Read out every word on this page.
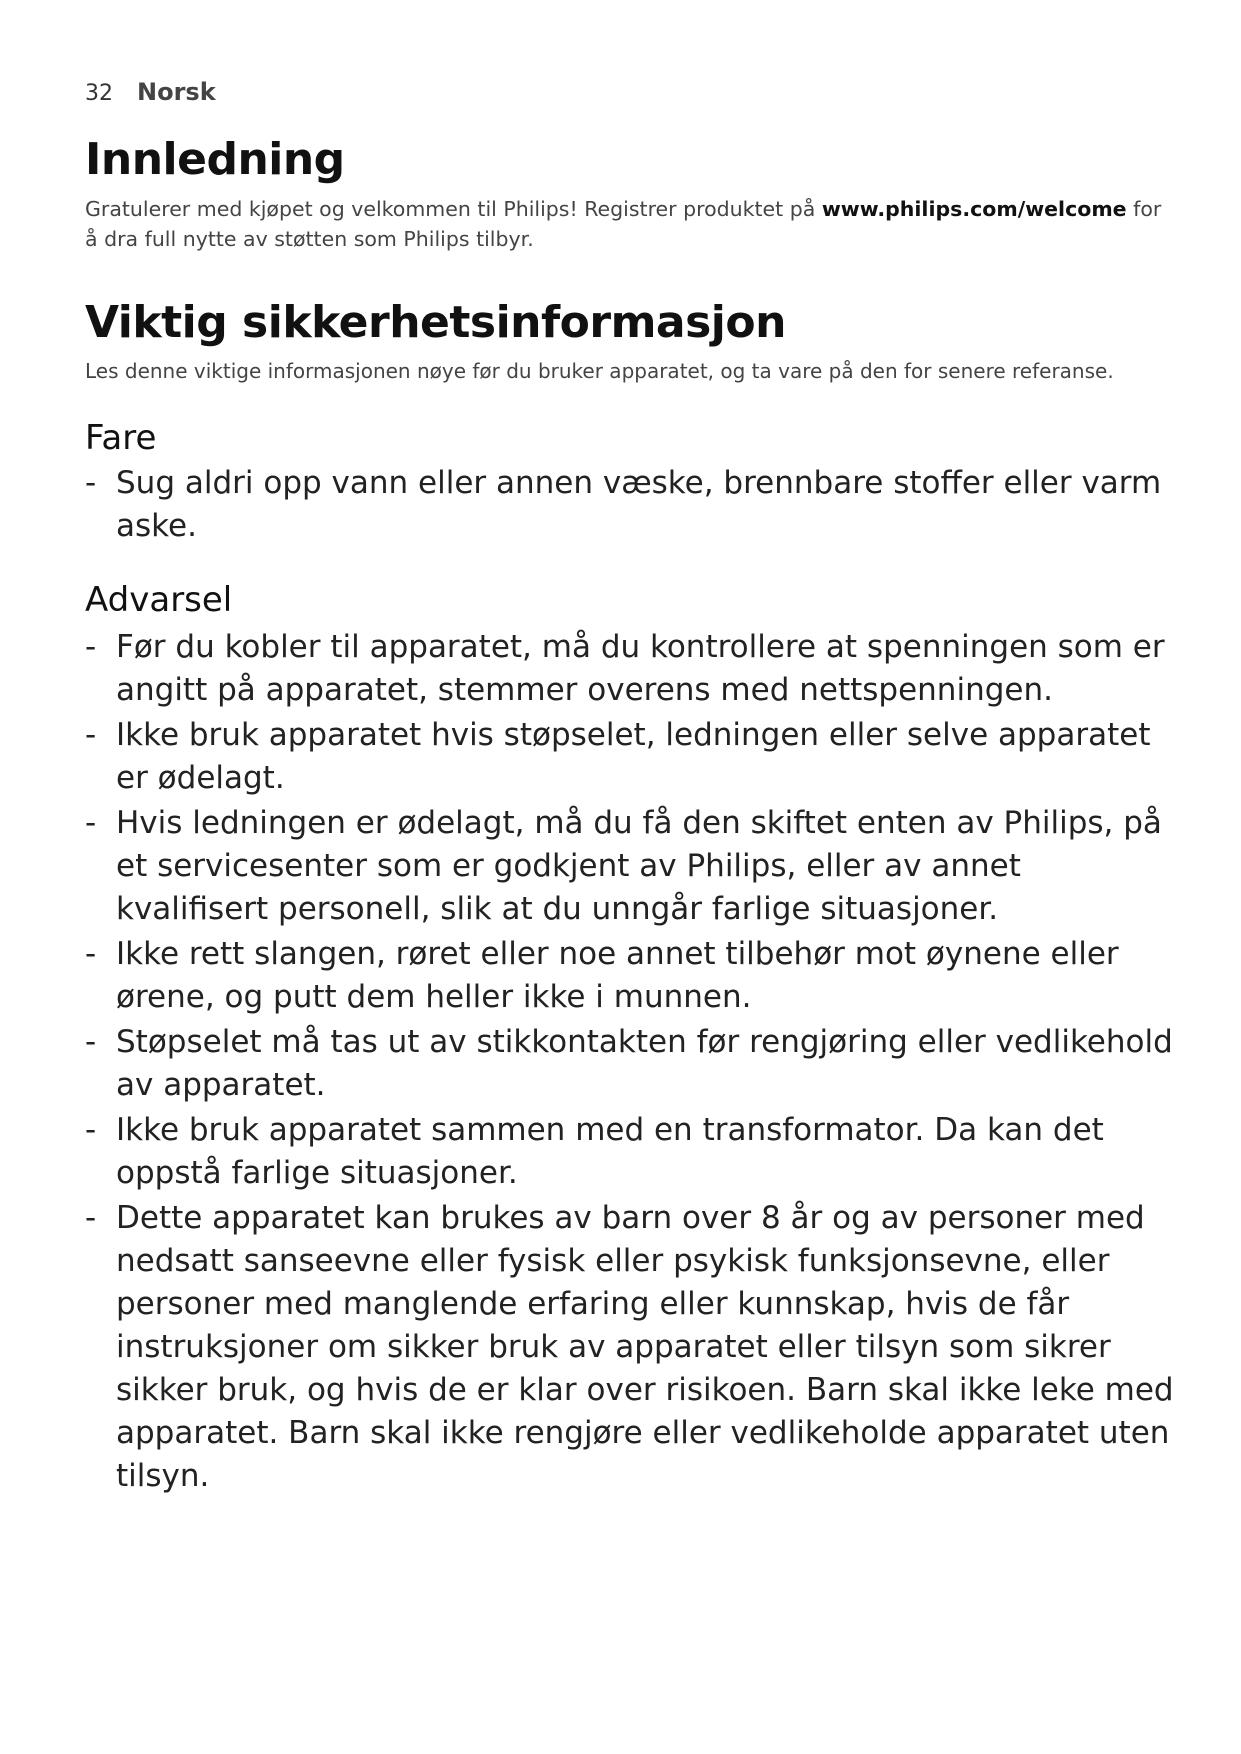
32 Norsk
Innledning

Gratulerer med kjøpet og velkommen til Philips! Registrer produktet på www.philips.com/welcome for å dra full nytte av støtten som Philips tilbyr.

Viktig sikkerhetsinformasjon

Les denne viktige informasjonen nøye før du bruker apparatet, og ta vare på den for senere referanse.

Fare
- Sug aldri opp vann eller annen væske, brennbare stoffer eller varm aske.
Advarsel
- Før du kobler til apparatet, må du kontrollere at spenningen som er angitt på apparatet, stemmer overens med nettspenningen.
- Ikke bruk apparatet hvis støpselet, ledningen eller selve apparatet er ødelagt.
- Hvis ledningen er ødelagt, må du få den skiftet enten av Philips, på et servicesenter som er godkjent av Philips, eller av annet kvalifisert personell, slik at du unngår farlige situasjoner.
- Ikke rett slangen, røret eller noe annet tilbehør mot øynene eller ørene, og putt dem heller ikke i munnen.
- Støpselet må tas ut av stikkontakten før rengjøring eller vedlikehold av apparatet.
- Ikke bruk apparatet sammen med en transformator. Da kan det oppstå farlige situasjoner.
- Dette apparatet kan brukes av barn over 8 år og av personer med nedsatt sanseevne eller fysisk eller psykisk funksjonsevne, eller personer med manglende erfaring eller kunnskap, hvis de får instruksjoner om sikker bruk av apparatet eller tilsyn som sikrer sikker bruk, og hvis de er klar over risikoen. Barn skal ikke leke med apparatet. Barn skal ikke rengjøre eller vedlikeholde apparatet uten tilsyn.
